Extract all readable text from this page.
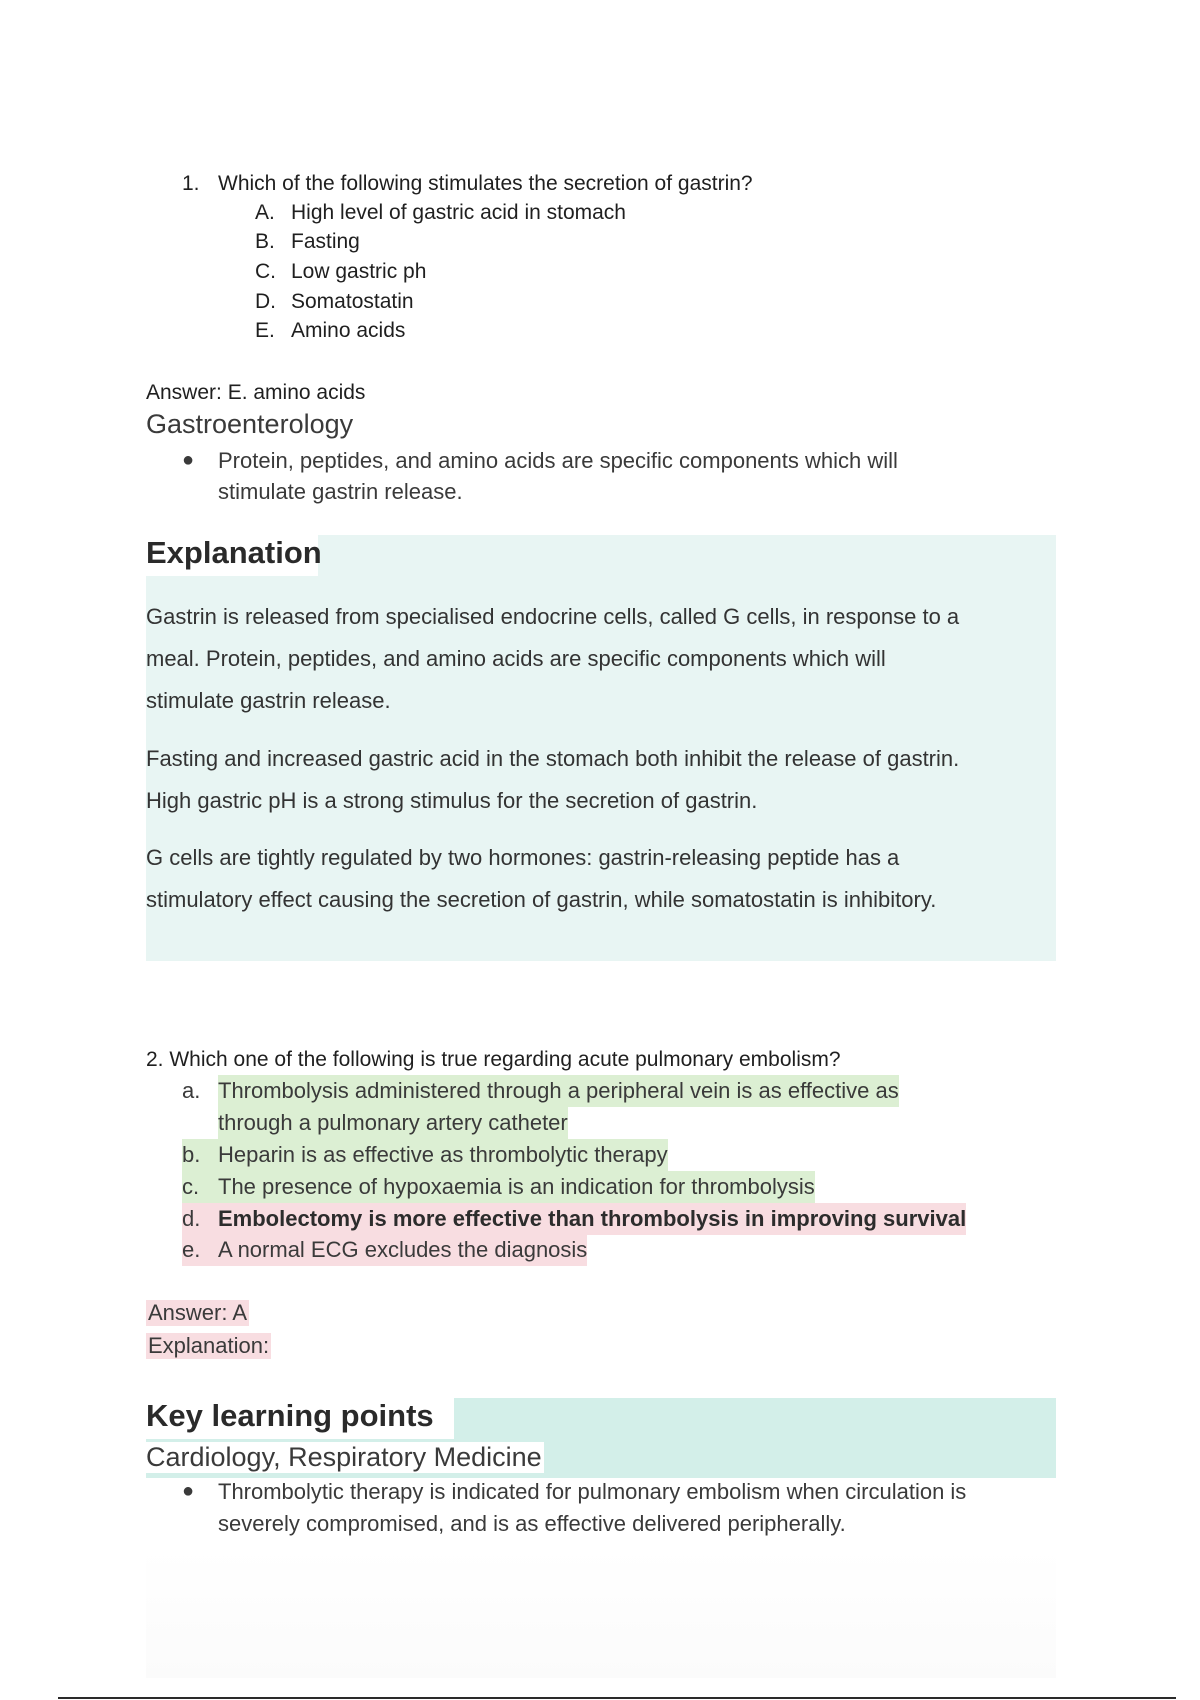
1. Which of the following stimulates the secretion of gastrin?
A. High level of gastric acid in stomach
B. Fasting
C. Low gastric ph
D. Somatostatin
E. Amino acids
Answer: E. amino acids
Gastroenterology
●	Protein, peptides, and amino acids are specific components which will
stimulate gastrin release.
Explanation
Gastrin is released from specialised endocrine cells, called G cells, in response to a
meal. Protein, peptides, and amino acids are specific components which will
stimulate gastrin release.
Fasting and increased gastric acid in the stomach both inhibit the release of gastrin.
High gastric pH is a strong stimulus for the secretion of gastrin.
G cells are tightly regulated by two hormones: gastrin-releasing peptide has a
stimulatory effect causing the secretion of gastrin, while somatostatin is inhibitory.
2. Which one of the following is true regarding acute pulmonary embolism?
a. Thrombolysis administered through a peripheral vein is as effective as
through a pulmonary artery catheter
b. Heparin is as effective as thrombolytic therapy
c. The presence of hypoxaemia is an indication for thrombolysis
d. Embolectomy is more effective than thrombolysis in improving survival
e. A normal ECG excludes the diagnosis
Answer: A
Explanation:
Key learning points
Cardiology, Respiratory Medicine
●	Thrombolytic therapy is indicated for pulmonary embolism when circulation is
severely compromised, and is as effective delivered peripherally.
